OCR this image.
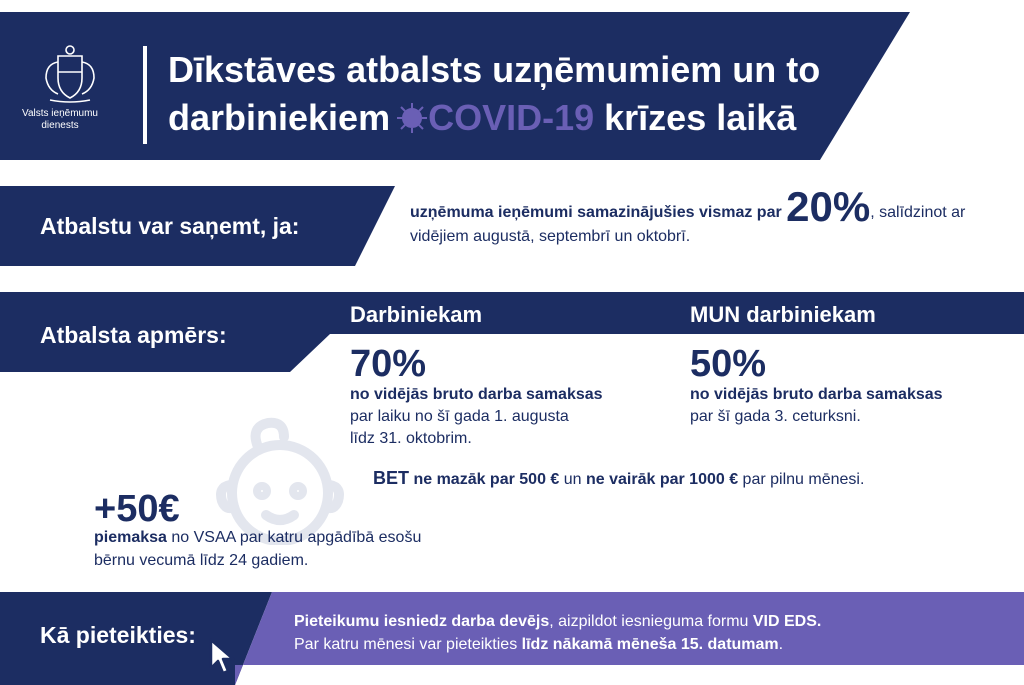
Valsts ieņēmumu
dienests
Dīkstāves atbalsts uzņēmumiem un to
darbiniekiem COVID-19 krīzes laikā
Atbalstu var saņemt, ja:
uzņēmuma ieņēmumi samazinājušies vismaz par 20%, salīdzinot ar vidējiem augustā, septembrī un oktobrī.
Atbalsta apmērs:
Darbiniekam	MUN darbiniekam
70%
no vidējās bruto darba samaksas
par laiku no šī gada 1. augusta
līdz 31. oktobrim.
50%
no vidējās bruto darba samaksas
par šī gada 3. ceturksni.
BET ne mazāk par 500 € un ne vairāk par 1000 € par pilnu mēnesi.
+50€
piemaksa no VSAA par katru apgādībā esošu bērnu vecumā līdz 24 gadiem.
Kā pieteikties:
Pieteikumu iesniedz darba devējs, aizpildot iesnieguma formu VID EDS.
Par katru mēnesi var pieteikties līdz nākamā mēneša 15. datumam.
